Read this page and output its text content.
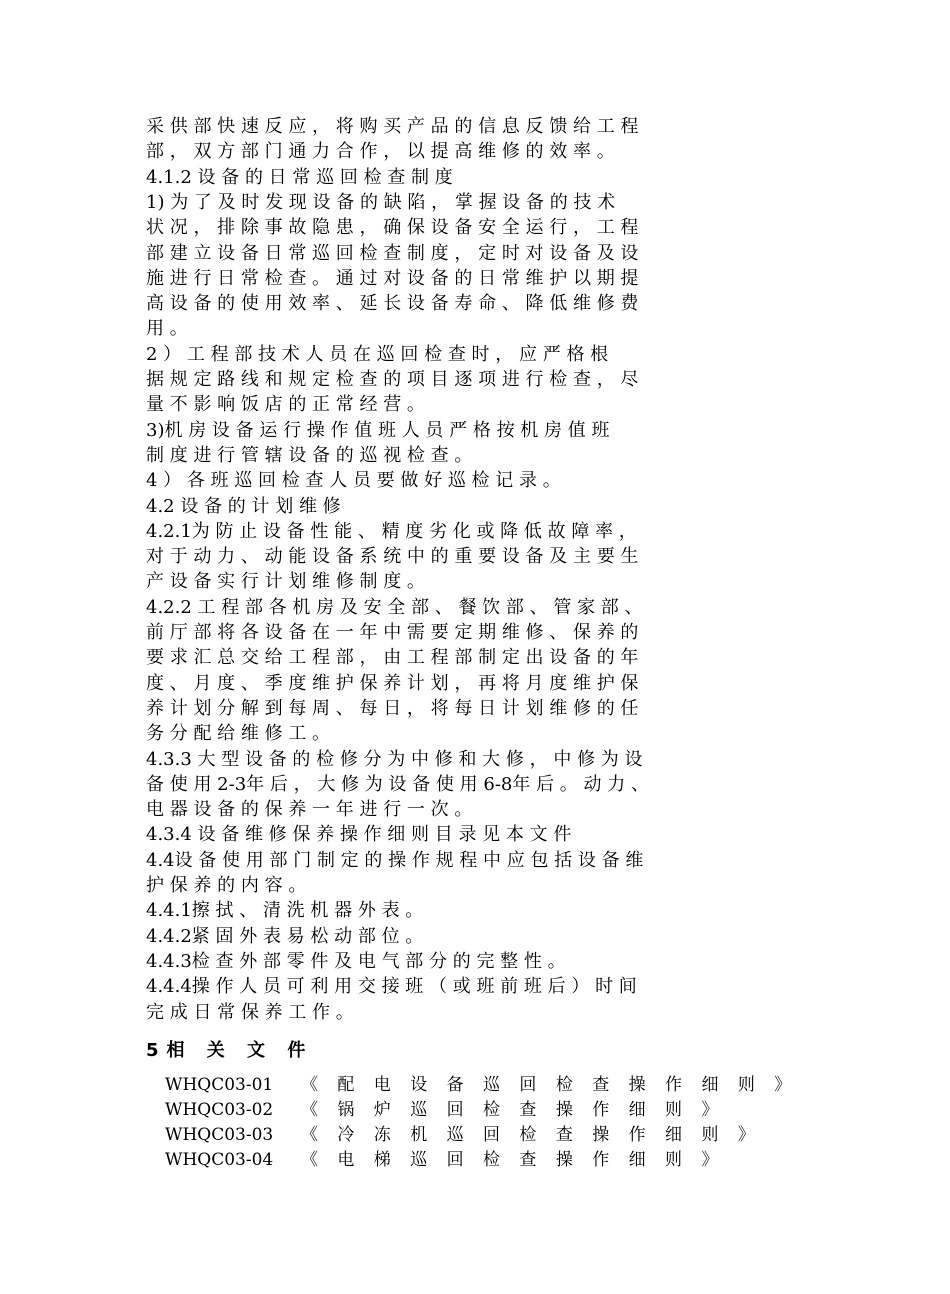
采 供 部 快 速 反 应 ， 将 购 买 产 品 的 信 息 反 馈 给 工 程
部 ， 双 方 部 门 通 力 合 作 ， 以 提 高 维 修 的 效 率 。
4.1.2 设 备 的 日 常 巡 回 检 查 制 度
1) 为 了 及 时 发 现 设 备 的 缺 陷 ， 掌 握 设 备 的 技 术
状 况 ， 排 除 事 故 隐 患 ， 确 保 设 备 安 全 运 行 ， 工 程
部 建 立 设 备 日 常 巡 回 检 查 制 度 ， 定 时 对 设 备 及 设
施 进 行 日 常 检 查 。 通 过 对 设 备 的 日 常 维 护 以 期 提
高 设 备 的 使 用 效 率 、 延 长 设 备 寿 命 、 降 低 维 修 费
用 。
2 ） 工 程 部 技 术 人 员 在 巡 回 检 查 时 ， 应 严 格 根
据 规 定 路 线 和 规 定 检 查 的 项 目 逐 项 进 行 检 查 ， 尽
量 不 影 响 饭 店 的 正 常 经 营 。
3)机 房 设 备 运 行 操 作 值 班 人 员 严 格 按 机 房 值 班
制 度 进 行 管 辖 设 备 的 巡 视 检 查 。
4 ） 各 班 巡 回 检 查 人 员 要 做 好 巡 检 记 录 。
4.2 设 备 的 计 划 维 修
4.2.1为 防 止 设 备 性 能 、 精 度 劣 化 或 降 低 故 障 率 ，
对 于 动 力 、 动 能 设 备 系 统 中 的 重 要 设 备 及 主 要 生
产 设 备 实 行 计 划 维 修 制 度 。
4.2.2 工 程 部 各 机 房 及 安 全 部 、 餐 饮 部 、 管 家 部 、
前 厅 部 将 各 设 备 在 一 年 中 需 要 定 期 维 修 、 保 养 的
要 求 汇 总 交 给 工 程 部 ， 由 工 程 部 制 定 出 设 备 的 年
度 、 月 度 、 季 度 维 护 保 养 计 划 ， 再 将 月 度 维 护 保
养 计 划 分 解 到 每 周 、 每 日 ， 将 每 日 计 划 维 修 的 任
务 分 配 给 维 修 工 。
4.3.3 大 型 设 备 的 检 修 分 为 中 修 和 大 修 ， 中 修 为 设
备 使 用 2-3年 后 ， 大 修 为 设 备 使 用 6-8年 后 。 动 力 、
电 器 设 备 的 保 养 一 年 进 行 一 次 。
4.3.4 设 备 维 修 保 养 操 作 细 则 目 录 见 本 文 件
4.4设 备 使 用 部 门 制 定 的 操 作 规 程 中 应 包 括 设 备 维
护 保 养 的 内 容 。
4.4.1擦 拭 、 清 洗 机 器 外 表 。
4.4.2紧 固 外 表 易 松 动 部 位 。
4.4.3检 查 外 部 零 件 及 电 气 部 分 的 完 整 性 。
4.4.4操 作 人 员 可 利 用 交 接 班 （ 或 班 前 班 后 ） 时 间
完 成 日 常 保 养 工 作 。
5相 关 文 件
WHQC03-01 《 配 电 设 备 巡 回 检 查 操 作 细 则 》
WHQC03-02 《 锅 炉 巡 回 检 查 操 作 细 则 》
WHQC03-03 《 冷 冻 机 巡 回 检 查 操 作 细 则 》
WHQC03-04 《 电 梯 巡 回 检 查 操 作 细 则 》
